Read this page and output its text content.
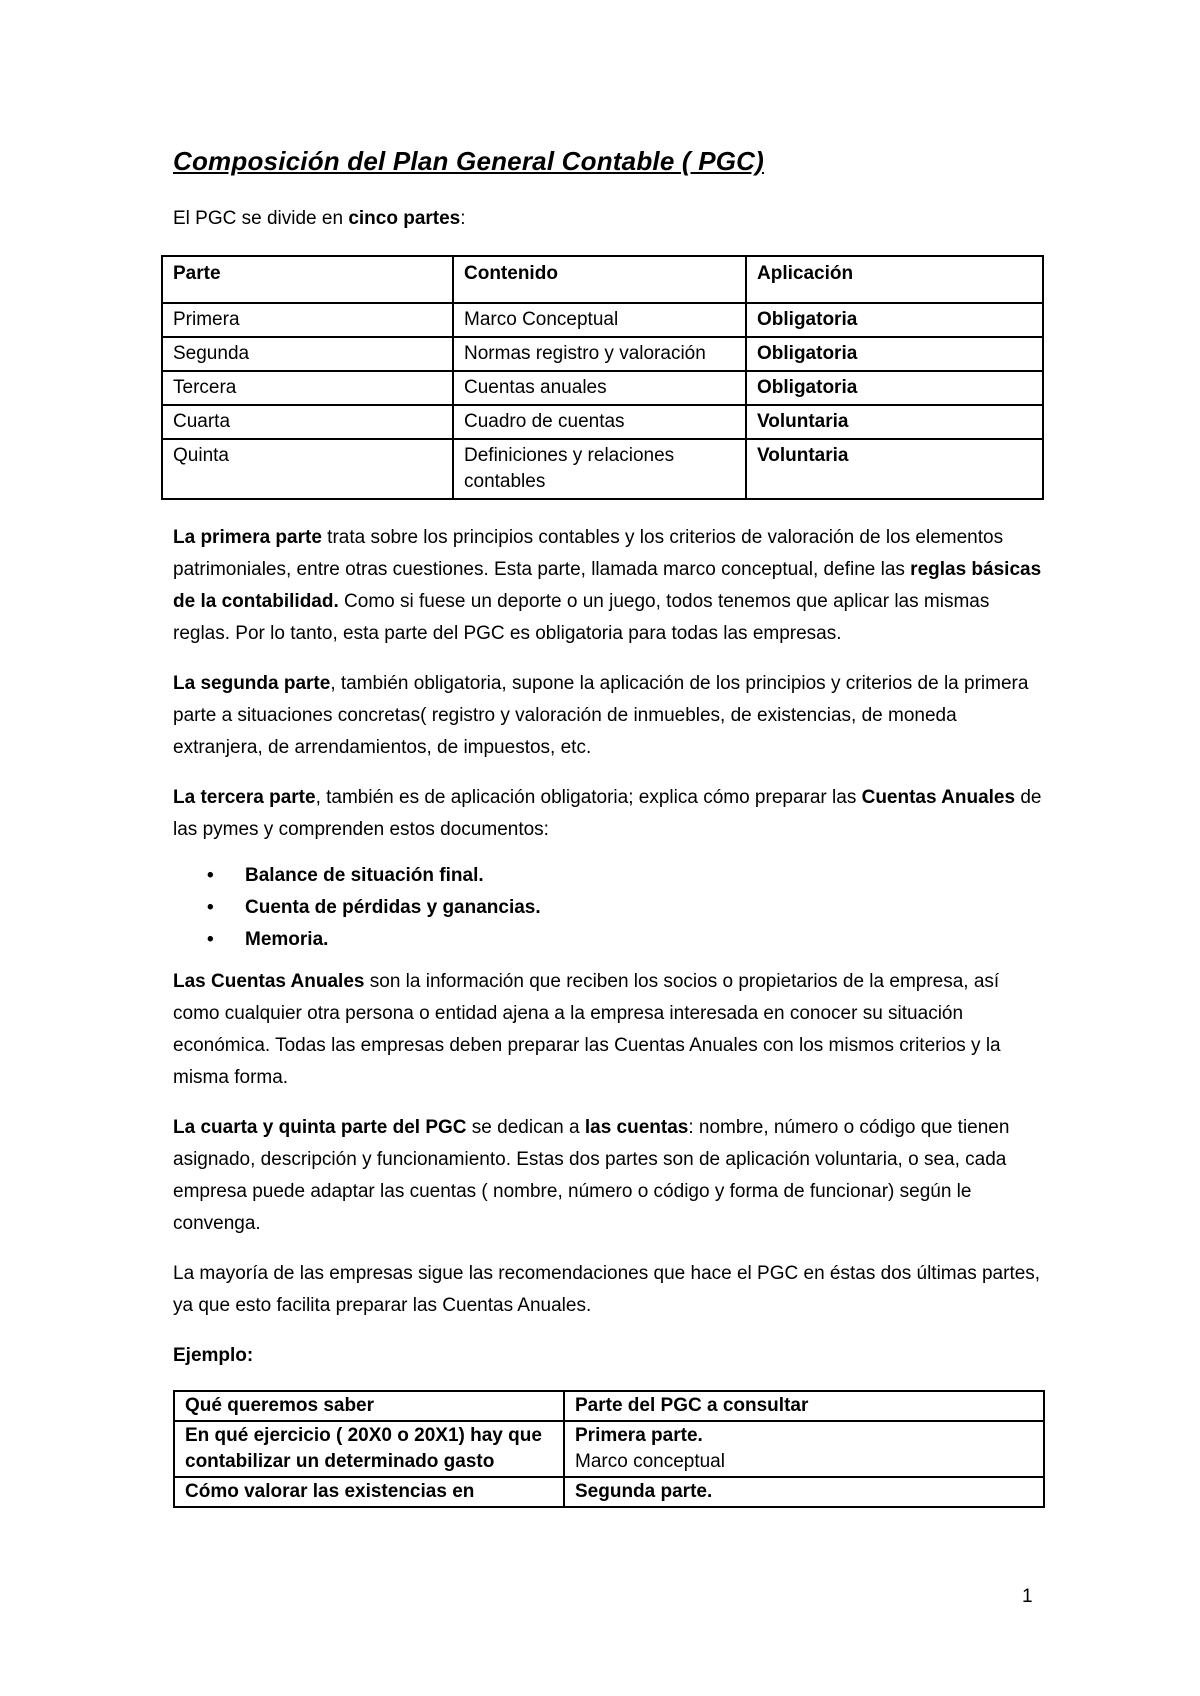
Composición del Plan General Contable ( PGC)

El PGC se divide en cinco partes:

Parte	Contenido	Aplicación
Primera	Marco Conceptual	Obligatoria
Segunda	Normas registro y valoración	Obligatoria
Tercera	Cuentas anuales	Obligatoria
Cuarta	Cuadro de cuentas	Voluntaria
Quinta	Definiciones y relaciones contables	Voluntaria

La primera parte trata sobre los principios contables y los criterios de valoración de los elementos patrimoniales, entre otras cuestiones. Esta parte, llamada marco conceptual, define las reglas básicas de la contabilidad. Como si fuese un deporte o un juego, todos tenemos que aplicar las mismas reglas. Por lo tanto, esta parte del PGC es obligatoria para todas las empresas.

La segunda parte, también obligatoria, supone la aplicación de los principios y criterios de la primera parte a situaciones concretas( registro y valoración de inmuebles, de existencias, de moneda extranjera, de arrendamientos, de impuestos, etc.

La tercera parte, también es de aplicación obligatoria; explica cómo preparar las Cuentas Anuales de las pymes y comprenden estos documentos:

• Balance de situación final.
• Cuenta de pérdidas y ganancias.
• Memoria.

Las Cuentas Anuales son la información que reciben los socios o propietarios de la empresa, así como cualquier otra persona o entidad ajena a la empresa interesada en conocer su situación económica. Todas las empresas deben preparar las Cuentas Anuales con los mismos criterios y la misma forma.

La cuarta y quinta parte del PGC se dedican a las cuentas: nombre, número o código que tienen asignado, descripción y funcionamiento. Estas dos partes son de aplicación voluntaria, o sea, cada empresa puede adaptar las cuentas ( nombre, número o código y forma de funcionar) según le convenga.

La mayoría de las empresas sigue las recomendaciones que hace el PGC en éstas dos últimas partes, ya que esto facilita preparar las Cuentas Anuales.

Ejemplo:

Qué queremos saber	Parte del PGC a consultar
En qué ejercicio ( 20X0 o 20X1) hay que contabilizar un determinado gasto	Primera parte.
Marco conceptual
Cómo valorar las existencias en	Segunda parte.
1
